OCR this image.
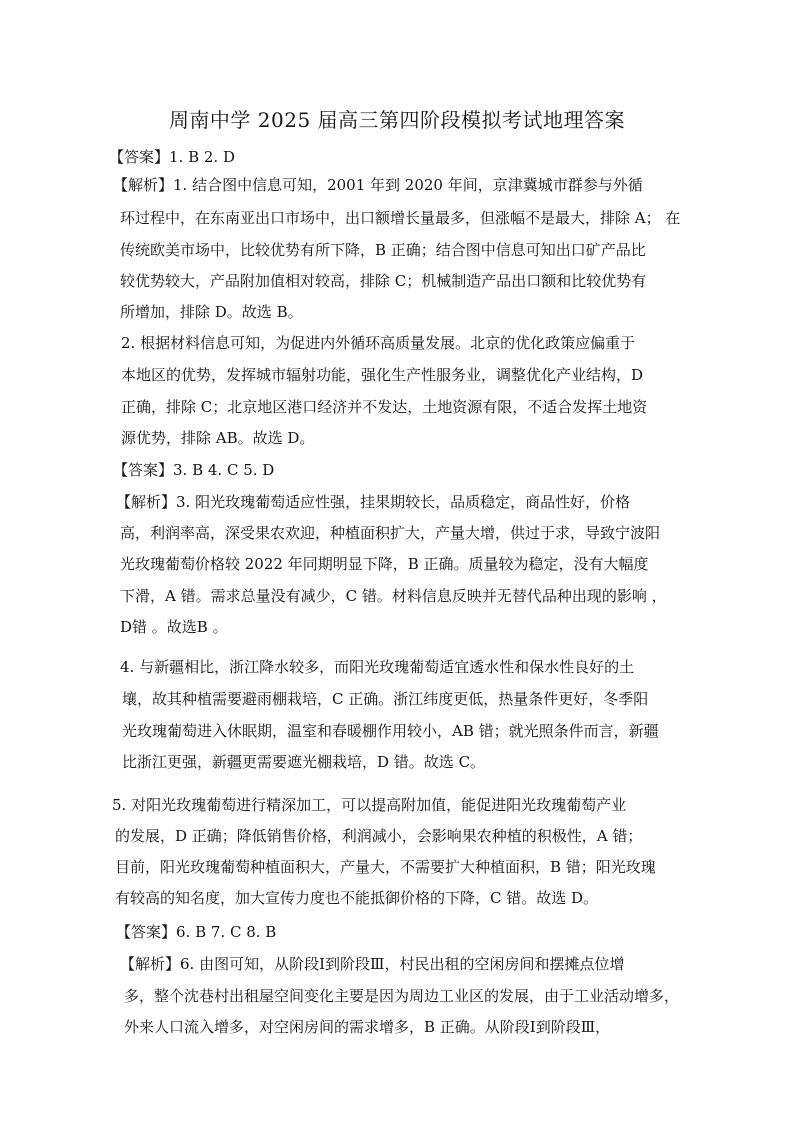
周南中学 2025 届高三第四阶段模拟考试地理答案
【答案】1. B 2. D
【解析】1. 结合图中信息可知，2001 年到 2020 年间，京津冀城市群参与外循
环过程中，在东南亚出口市场中，出口额增长量最多，但涨幅不是最大，排除 A； 在
传统欧美市场中，比较优势有所下降，B 正确；结合图中信息可知出口矿产品比
较优势较大，产品附加值相对较高，排除 C；机械制造产品出口额和比较优势有
所增加，排除 D。故选 B。
2. 根据材料信息可知，为促进内外循环高质量发展。北京的优化政策应偏重于
本地区的优势，发挥城市辐射功能，强化生产性服务业，调整优化产业结构，D
正确，排除 C；北京地区港口经济并不发达，土地资源有限，不适合发挥土地资
源优势，排除 AB。故选 D。
【答案】3. B 4. C 5. D
【解析】3. 阳光玫瑰葡萄适应性强，挂果期较长，品质稳定，商品性好，价格
高，利润率高，深受果农欢迎，种植面积扩大，产量大增，供过于求，导致宁波阳
光玫瑰葡萄价格较 2022 年同期明显下降，B 正确。质量较为稳定，没有大幅度
下滑，A 错。需求总量没有减少，C 错。材料信息反映并无替代品种出现的影响 ，
D错 。故选B 。
4. 与新疆相比，浙江降水较多，而阳光玫瑰葡萄适宜透水性和保水性良好的土
壤，故其种植需要避雨棚栽培，C 正确。浙江纬度更低，热量条件更好，冬季阳
光玫瑰葡萄进入休眠期，温室和春暖棚作用较小，AB 错；就光照条件而言，新疆
比浙江更强，新疆更需要遮光棚栽培，D 错。故选 C。
5. 对阳光玫瑰葡萄进行精深加工，可以提高附加值，能促进阳光玫瑰葡萄产业
的发展，D 正确；降低销售价格，利润减小，会影响果农种植的积极性，A 错；
目前，阳光玫瑰葡萄种植面积大，产量大，不需要扩大种植面积，B 错；阳光玫瑰
有较高的知名度，加大宣传力度也不能抵御价格的下降，C 错。故选 D。
【答案】6. B 7. C 8. B
【解析】6. 由图可知，从阶段Ⅰ到阶段Ⅲ，村民出租的空闲房间和摆摊点位增
多，整个沈巷村出租屋空间变化主要是因为周边工业区的发展，由于工业活动增多，
外来人口流入增多，对空闲房间的需求增多，B 正确。从阶段Ⅰ到阶段Ⅲ，
